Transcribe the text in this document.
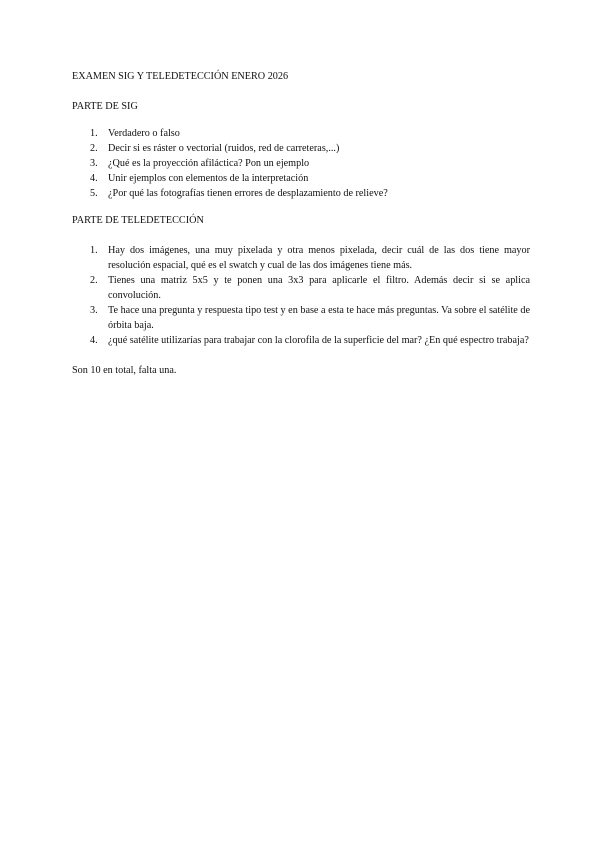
EXAMEN SIG Y TELEDETECCIÓN ENERO 2026

PARTE DE SIG

1. Verdadero o falso
2. Decir si es ráster o vectorial (ruidos, red de carreteras,...)
3. ¿Qué es la proyección afiláctica? Pon un ejemplo
4. Unir ejemplos con elementos de la interpretación
5. ¿Por qué las fotografías tienen errores de desplazamiento de relieve?

PARTE DE TELEDETECCIÓN

1. Hay dos imágenes, una muy pixelada y otra menos pixelada, decir cuál de las dos tiene mayor resolución espacial, qué es el swatch y cual de las dos imágenes tiene más.
2. Tienes una matriz 5x5 y te ponen una 3x3 para aplicarle el filtro. Además decir si se aplica convolución.
3. Te hace una pregunta y respuesta tipo test y en base a esta te hace más preguntas. Va sobre el satélite de órbita baja.
4. ¿qué satélite utilizarías para trabajar con la clorofila de la superficie del mar? ¿En qué espectro trabaja?

Son 10 en total, falta una.
